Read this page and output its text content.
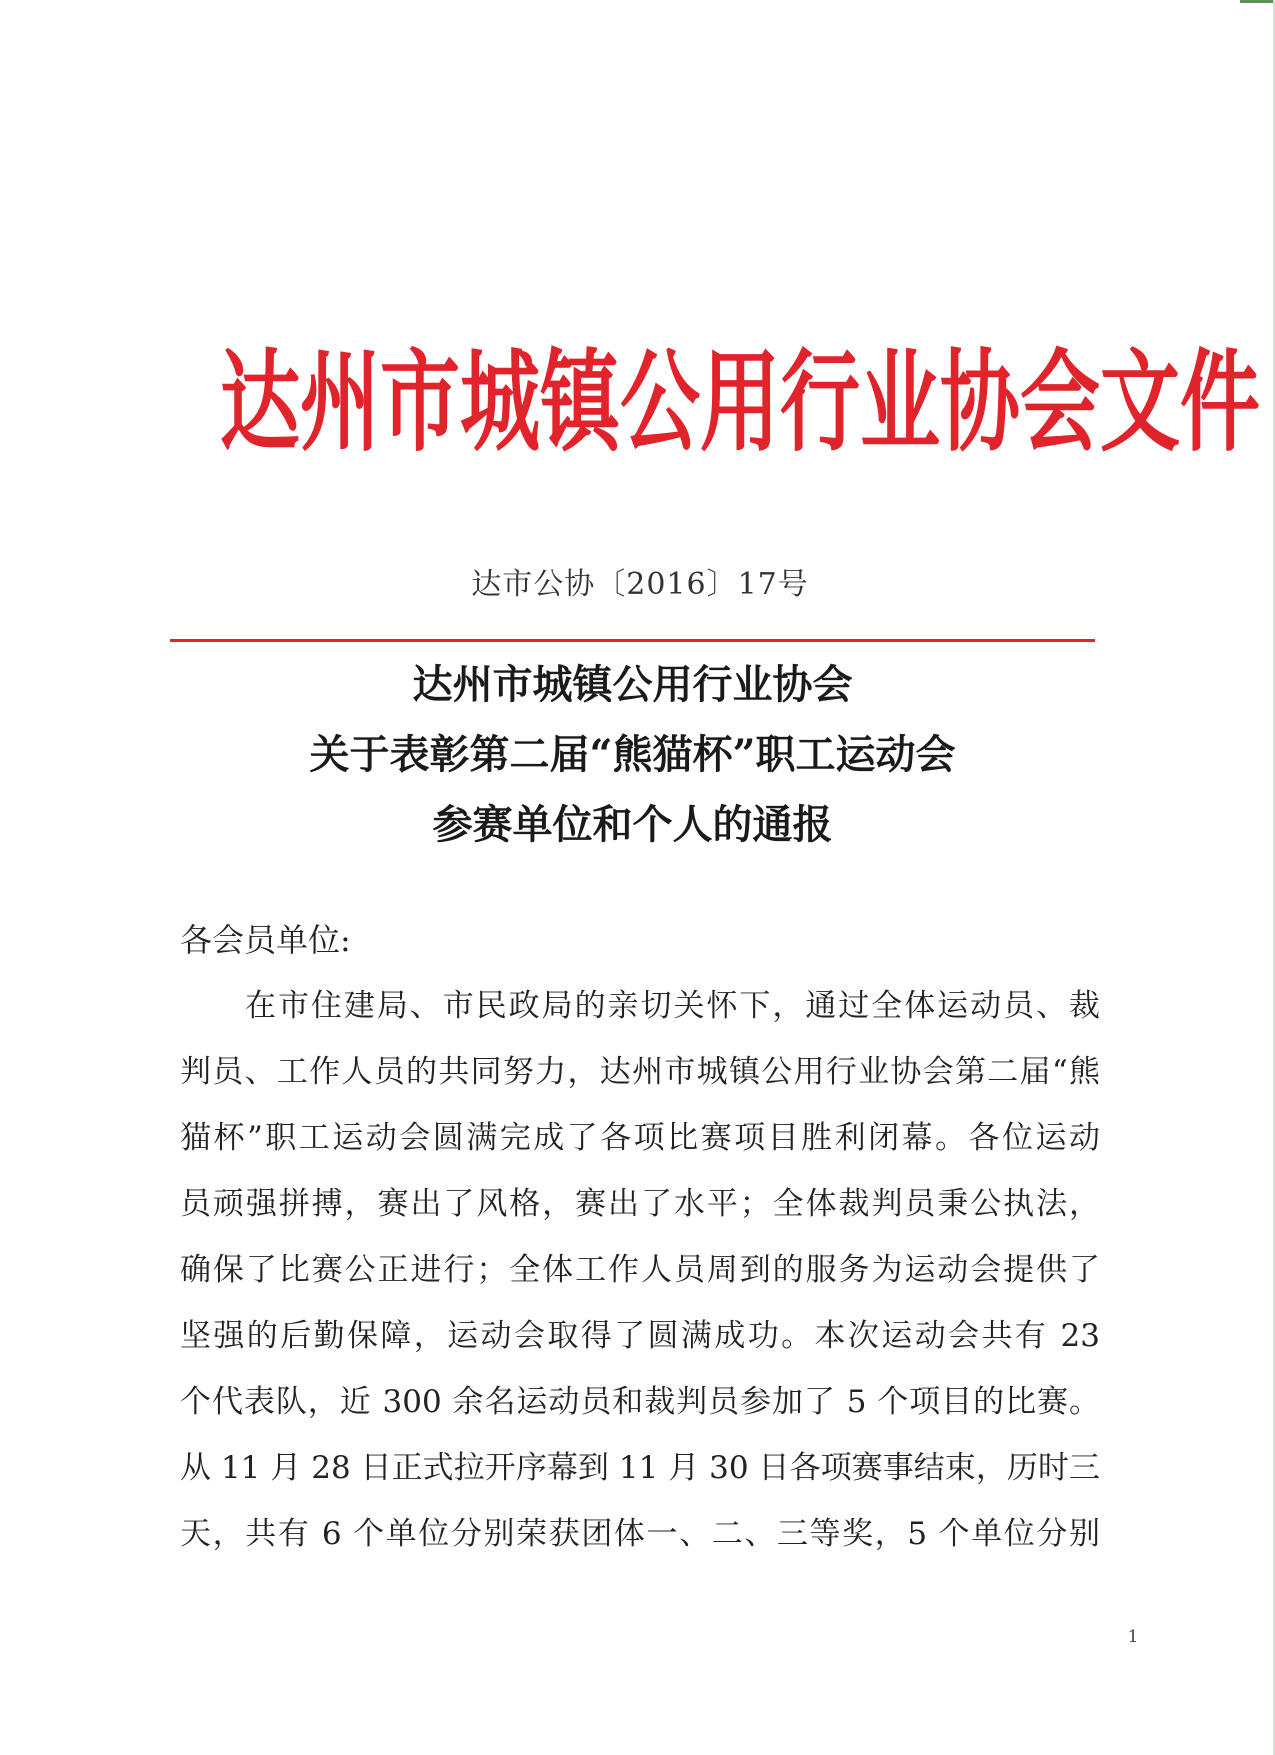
达州市城镇公用行业协会文件
达市公协〔2016〕17号
达州市城镇公用行业协会
关于表彰第二届“熊猫杯”职工运动会
参赛单位和个人的通报
各会员单位:
在市住建局、市民政局的亲切关怀下，通过全体运动员、裁
判员、工作人员的共同努力，达州市城镇公用行业协会第二届“熊
猫杯”职工运动会圆满完成了各项比赛项目胜利闭幕。各位运动
员顽强拼搏，赛出了风格，赛出了水平；全体裁判员秉公执法，
确保了比赛公正进行；全体工作人员周到的服务为运动会提供了
坚强的后勤保障，运动会取得了圆满成功。本次运动会共有 23
个代表队，近 300 余名运动员和裁判员参加了 5 个项目的比赛。
从 11 月 28 日正式拉开序幕到 11 月 30 日各项赛事结束，历时三
天，共有 6 个单位分别荣获团体一、二、三等奖，5 个单位分别
1
